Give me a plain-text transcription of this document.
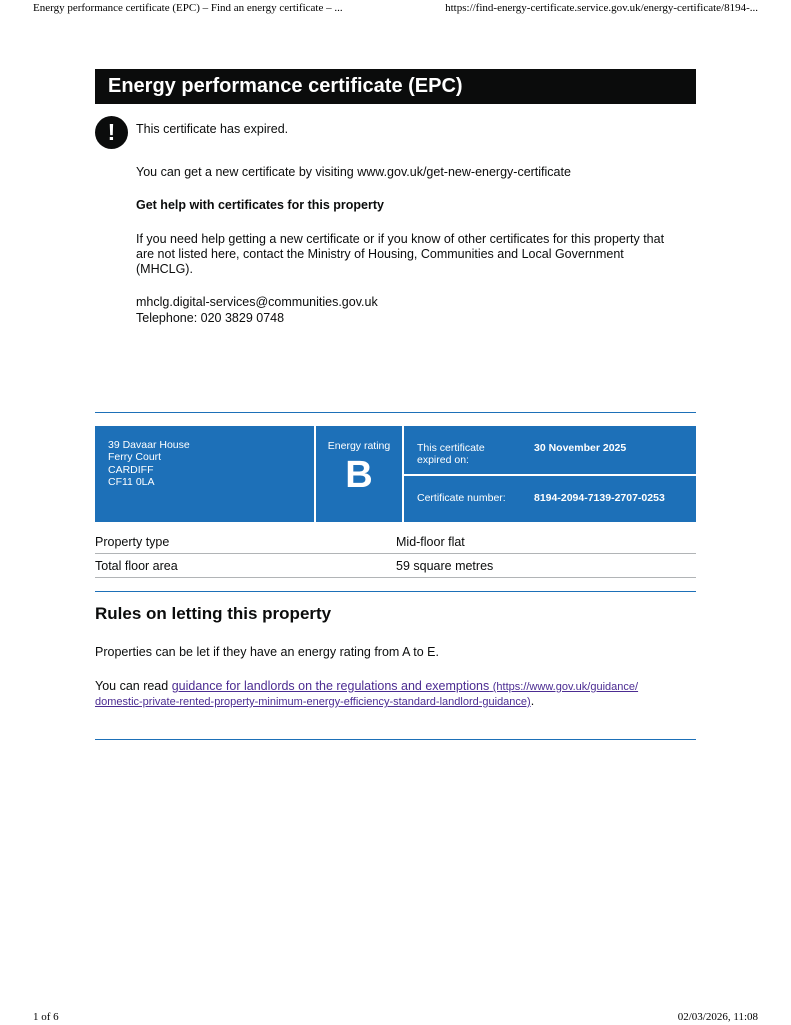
Energy performance certificate (EPC) – Find an energy certificate – ...	https://find-energy-certificate.service.gov.uk/energy-certificate/8194-...
Energy performance certificate (EPC)
!	This certificate has expired.
You can get a new certificate by visiting www.gov.uk/get-new-energy-certificate
Get help with certificates for this property
If you need help getting a new certificate or if you know of other certificates for this property that
are not listed here, contact the Ministry of Housing, Communities and Local Government
(MHCLG).
mhclg.digital-services@communities.gov.uk
Telephone: 020 3829 0748
39 Davaar House
Ferry Court
CARDIFF
CF11 0LA
Energy rating
B
This certificate
expired on:
30 November 2025
Certificate number:	8194-2094-7139-2707-0253
Property type	Mid-floor flat
Total floor area	59 square metres
Rules on letting this property
Properties can be let if they have an energy rating from A to E.
You can read guidance for landlords on the regulations and exemptions (https://www.gov.uk/guidance/
domestic-private-rented-property-minimum-energy-efficiency-standard-landlord-guidance).
1 of 6	02/03/2026, 11:08
